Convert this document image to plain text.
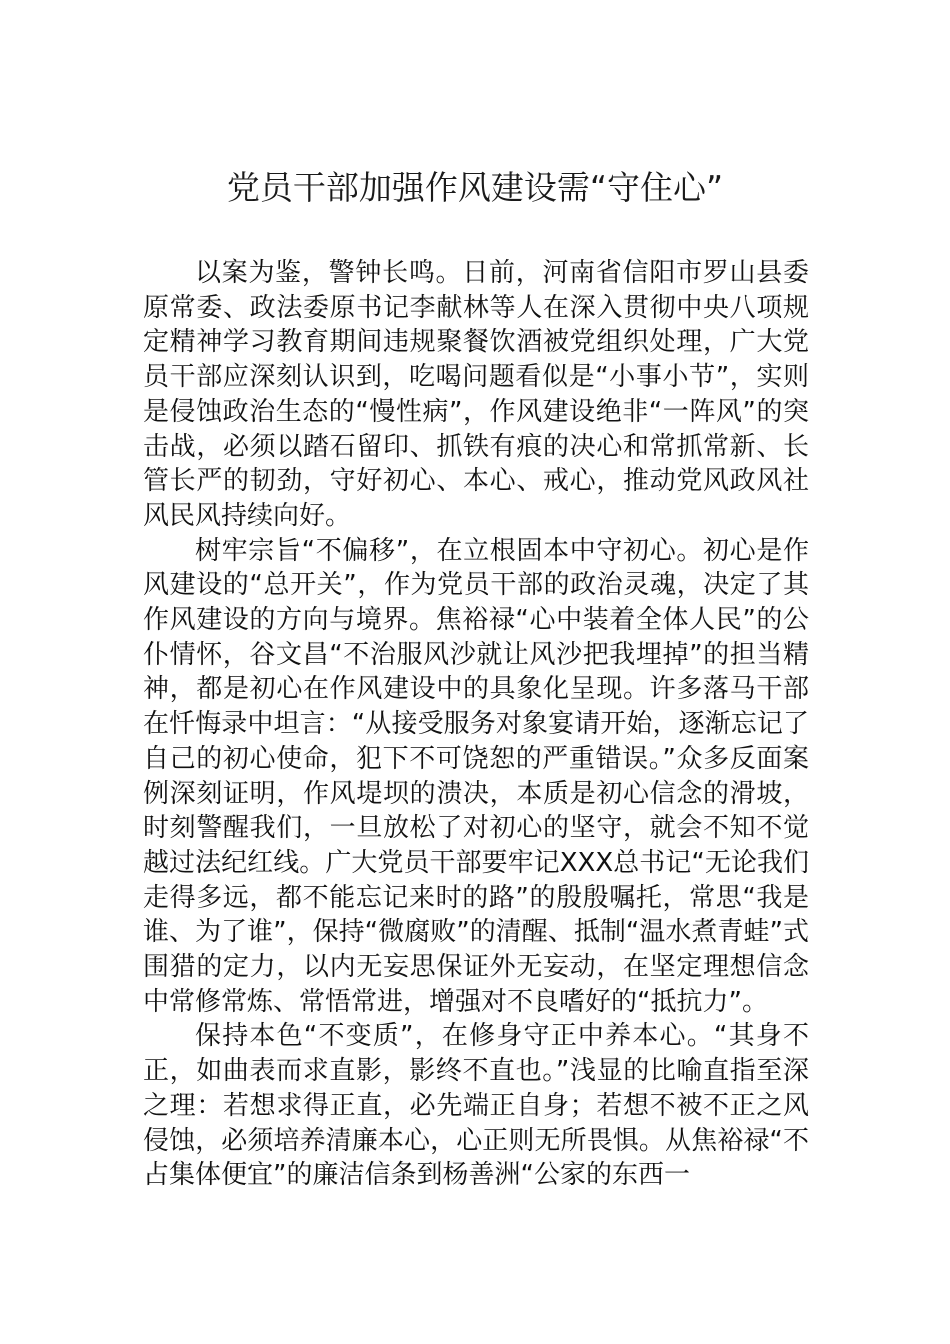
党员干部加强作风建设需“守住心”

以案为鉴，警钟长鸣。日前，河南省信阳市罗山县委原常委、政法委原书记李献林等人在深入贯彻中央八项规定精神学习教育期间违规聚餐饮酒被党组织处理，广大党员干部应深刻认识到，吃喝问题看似是“小事小节”，实则是侵蚀政治生态的“慢性病”，作风建设绝非“一阵风”的突击战，必须以踏石留印、抓铁有痕的决心和常抓常新、长管长严的韧劲，守好初心、本心、戒心，推动党风政风社风民风持续向好。

树牢宗旨“不偏移”，在立根固本中守初心。初心是作风建设的“总开关”，作为党员干部的政治灵魂，决定了其作风建设的方向与境界。焦裕禄“心中装着全体人民”的公仆情怀，谷文昌“不治服风沙就让风沙把我埋掉”的担当精神，都是初心在作风建设中的具象化呈现。许多落马干部在忏悔录中坦言：“从接受服务对象宴请开始，逐渐忘记了自己的初心使命，犯下不可饶恕的严重错误。”众多反面案例深刻证明，作风堤坝的溃决，本质是初心信念的滑坡，时刻警醒我们，一旦放松了对初心的坚守，就会不知不觉越过法纪红线。广大党员干部要牢记XXX总书记“无论我们走得多远，都不能忘记来时的路”的殷殷嘱托，常思“我是谁、为了谁”，保持“微腐败”的清醒、抵制“温水煮青蛙”式围猎的定力，以内无妄思保证外无妄动，在坚定理想信念中常修常炼、常悟常进，增强对不良嗜好的“抵抗力”。

保持本色“不变质”，在修身守正中养本心。“其身不正，如曲表而求直影，影终不直也。”浅显的比喻直指至深之理：若想求得正直，必先端正自身；若想不被不正之风侵蚀，必须培养清廉本心，心正则无所畏惧。从焦裕禄“不占集体便宜”的廉洁信条到杨善洲“公家的东西一
